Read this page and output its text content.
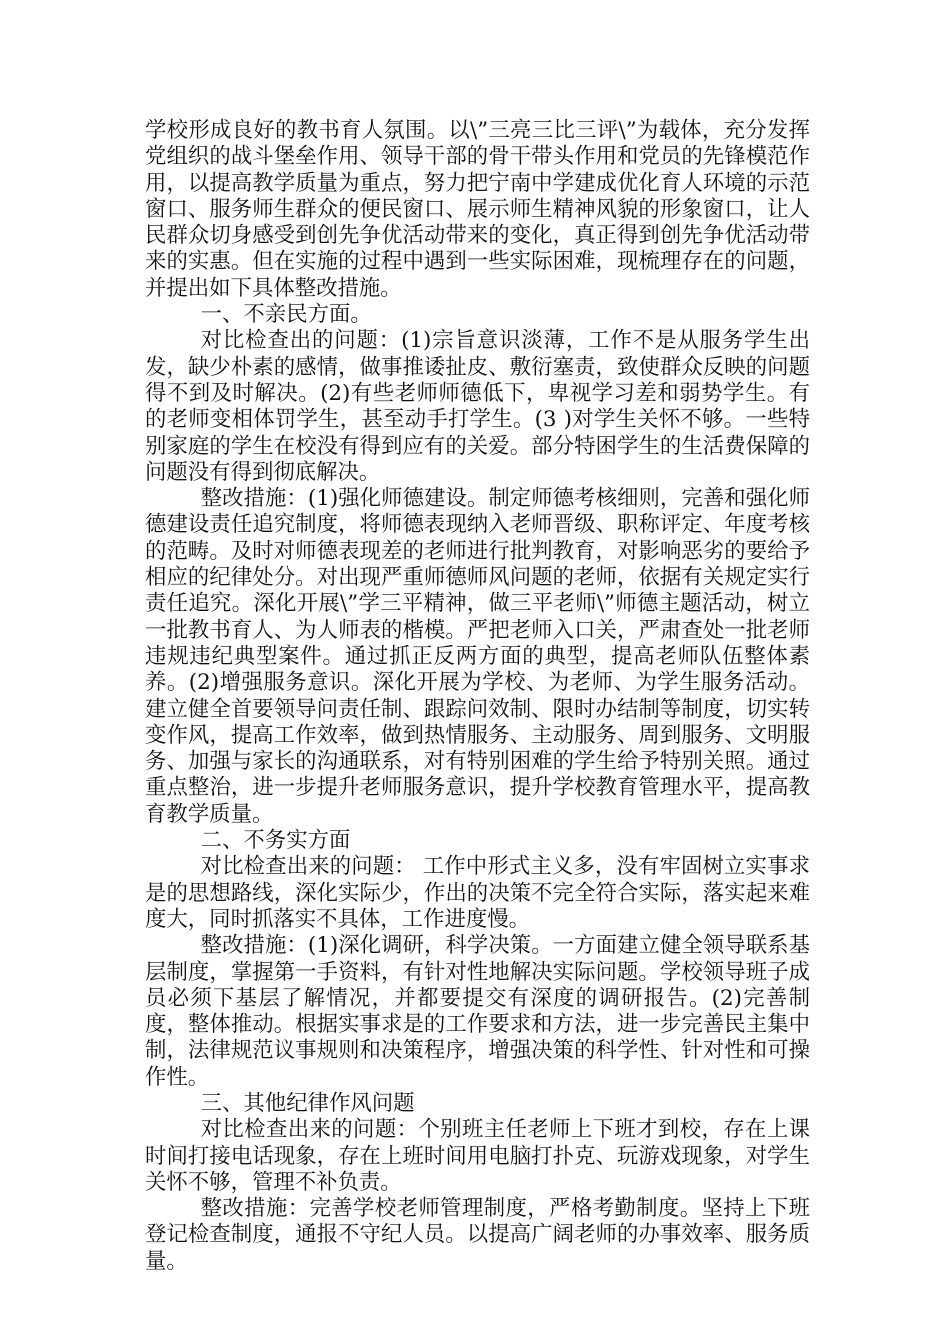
学校形成良好的教书育人氛围。以\”三亮三比三评\”为载体，充分发挥党组织的战斗堡垒作用、领导干部的骨干带头作用和党员的先锋模范作用，以提高教学质量为重点，努力把宁南中学建成优化育人环境的示范窗口、服务师生群众的便民窗口、展示师生精神风貌的形象窗口，让人民群众切身感受到创先争优活动带来的变化，真正得到创先争优活动带来的实惠。但在实施的过程中遇到一些实际困难，现梳理存在的问题，并提出如下具体整改措施。

一、不亲民方面。

对比检查出的问题：(1)宗旨意识淡薄，工作不是从服务学生出发，缺少朴素的感情，做事推诿扯皮、敷衍塞责，致使群众反映的问题得不到及时解决。(2)有些老师师德低下，卑视学习差和弱势学生。有的老师变相体罚学生，甚至动手打学生。(3 )对学生关怀不够。一些特别家庭的学生在校没有得到应有的关爱。部分特困学生的生活费保障的问题没有得到彻底解决。

整改措施：(1)强化师德建设。制定师德考核细则，完善和强化师德建设责任追究制度，将师德表现纳入老师晋级、职称评定、年度考核的范畴。及时对师德表现差的老师进行批判教育，对影响恶劣的要给予相应的纪律处分。对出现严重师德师风问题的老师，依据有关规定实行责任追究。深化开展\”学三平精神，做三平老师\”师德主题活动，树立一批教书育人、为人师表的楷模。严把老师入口关，严肃查处一批老师违规违纪典型案件。通过抓正反两方面的典型，提高老师队伍整体素养。(2)增强服务意识。深化开展为学校、为老师、为学生服务活动。建立健全首要领导问责任制、跟踪问效制、限时办结制等制度，切实转变作风，提高工作效率，做到热情服务、主动服务、周到服务、文明服务、加强与家长的沟通联系，对有特别困难的学生给予特别关照。通过重点整治，进一步提升老师服务意识，提升学校教育管理水平，提高教育教学质量。

二、不务实方面

对比检查出来的问题： 工作中形式主义多，没有牢固树立实事求是的思想路线，深化实际少，作出的决策不完全符合实际，落实起来难度大，同时抓落实不具体，工作进度慢。

整改措施：(1)深化调研，科学决策。一方面建立健全领导联系基层制度，掌握第一手资料，有针对性地解决实际问题。学校领导班子成员必须下基层了解情况，并都要提交有深度的调研报告。(2)完善制度，整体推动。根据实事求是的工作要求和方法，进一步完善民主集中制，法律规范议事规则和决策程序，增强决策的科学性、针对性和可操作性。

三、其他纪律作风问题

对比检查出来的问题：个别班主任老师上下班才到校，存在上课时间打接电话现象，存在上班时间用电脑打扑克、玩游戏现象，对学生关怀不够，管理不补负责。

整改措施：完善学校老师管理制度，严格考勤制度。坚持上下班登记检查制度，通报不守纪人员。以提高广阔老师的办事效率、服务质量。
